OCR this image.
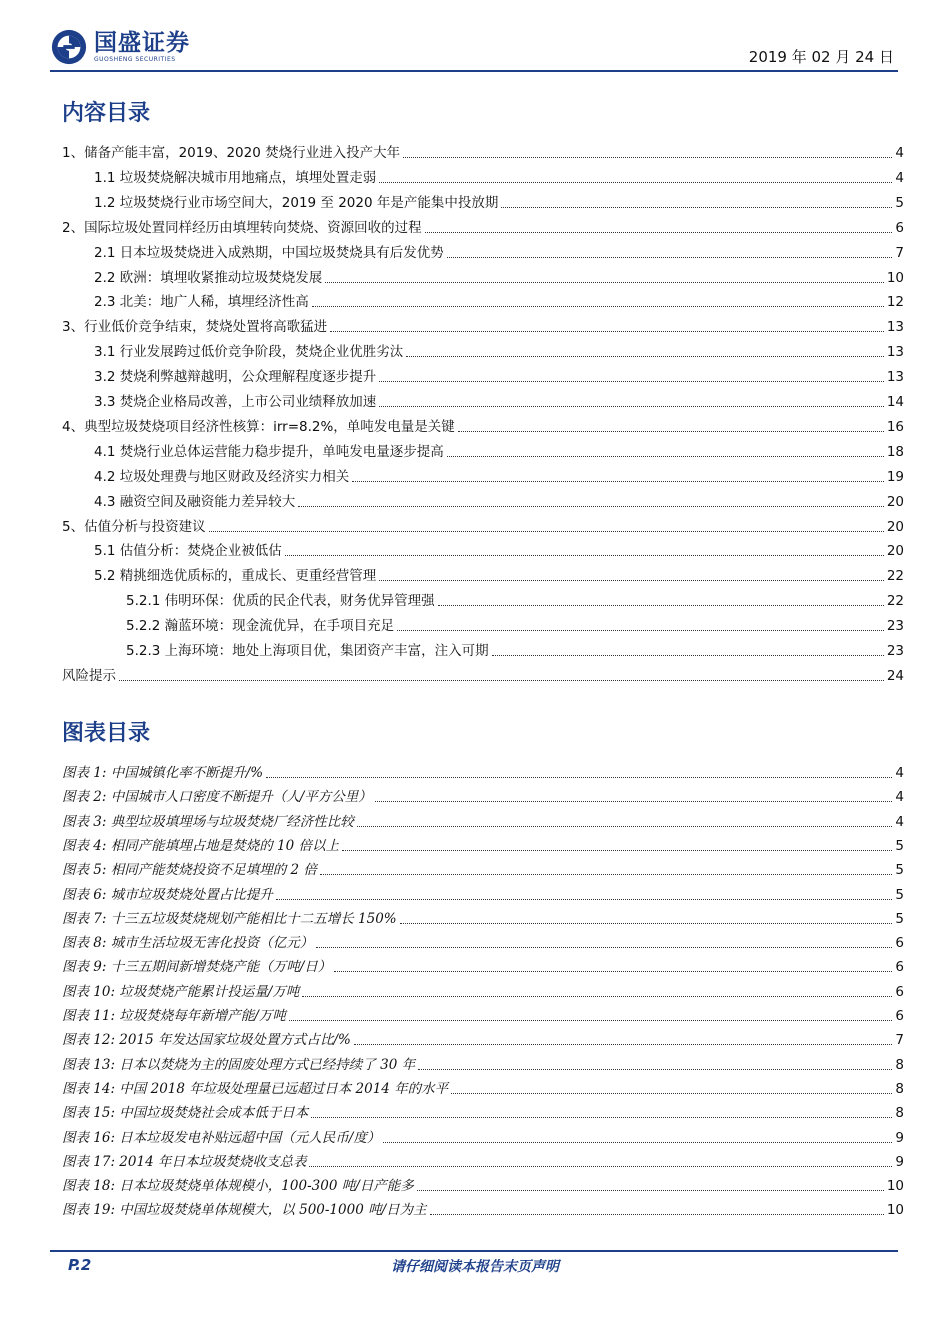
国盛证券
GUOSHENG SECURITIES	2019 年 02 月 24 日
内容目录
1、储备产能丰富，2019、2020 焚烧行业进入投产大年	4
1.1 垃圾焚烧解决城市用地痛点，填埋处置走弱	4
1.2 垃圾焚烧行业市场空间大，2019 至 2020 年是产能集中投放期	5
2、国际垃圾处置同样经历由填埋转向焚烧、资源回收的过程	6
2.1 日本垃圾焚烧进入成熟期，中国垃圾焚烧具有后发优势	7
2.2 欧洲：填埋收紧推动垃圾焚烧发展	10
2.3 北美：地广人稀，填埋经济性高	12
3、行业低价竞争结束，焚烧处置将高歌猛进	13
3.1 行业发展跨过低价竞争阶段，焚烧企业优胜劣汰	13
3.2 焚烧利弊越辩越明，公众理解程度逐步提升	13
3.3 焚烧企业格局改善，上市公司业绩释放加速	14
4、典型垃圾焚烧项目经济性核算：irr=8.2%，单吨发电量是关键	16
4.1 焚烧行业总体运营能力稳步提升，单吨发电量逐步提高	18
4.2 垃圾处理费与地区财政及经济实力相关	19
4.3 融资空间及融资能力差异较大	20
5、估值分析与投资建议	20
5.1 估值分析：焚烧企业被低估	20
5.2 精挑细选优质标的，重成长、更重经营管理	22
5.2.1 伟明环保：优质的民企代表，财务优异管理强	22
5.2.2 瀚蓝环境：现金流优异，在手项目充足	23
5.2.3 上海环境：地处上海项目优，集团资产丰富，注入可期	23
风险提示	24
图表目录
图表 1: 中国城镇化率不断提升/%	4
图表 2: 中国城市人口密度不断提升（人/平方公里）	4
图表 3: 典型垃圾填埋场与垃圾焚烧厂经济性比较	4
图表 4: 相同产能填埋占地是焚烧的 10 倍以上	5
图表 5: 相同产能焚烧投资不足填埋的 2 倍	5
图表 6: 城市垃圾焚烧处置占比提升	5
图表 7: 十三五垃圾焚烧规划产能相比十二五增长 150%	5
图表 8: 城市生活垃圾无害化投资（亿元）	6
图表 9: 十三五期间新增焚烧产能（万吨/日）	6
图表 10: 垃圾焚烧产能累计投运量/万吨	6
图表 11: 垃圾焚烧每年新增产能/万吨	6
图表 12: 2015 年发达国家垃圾处置方式占比/%	7
图表 13: 日本以焚烧为主的固废处理方式已经持续了 30 年	8
图表 14: 中国 2018 年垃圾处理量已远超过日本 2014 年的水平	8
图表 15: 中国垃圾焚烧社会成本低于日本	8
图表 16: 日本垃圾发电补贴远超中国（元人民币/度）	9
图表 17: 2014 年日本垃圾焚烧收支总表	9
图表 18: 日本垃圾焚烧单体规模小，100-300 吨/日产能多	10
图表 19: 中国垃圾焚烧单体规模大，以 500-1000 吨/日为主	10
P.2	请仔细阅读本报告末页声明
